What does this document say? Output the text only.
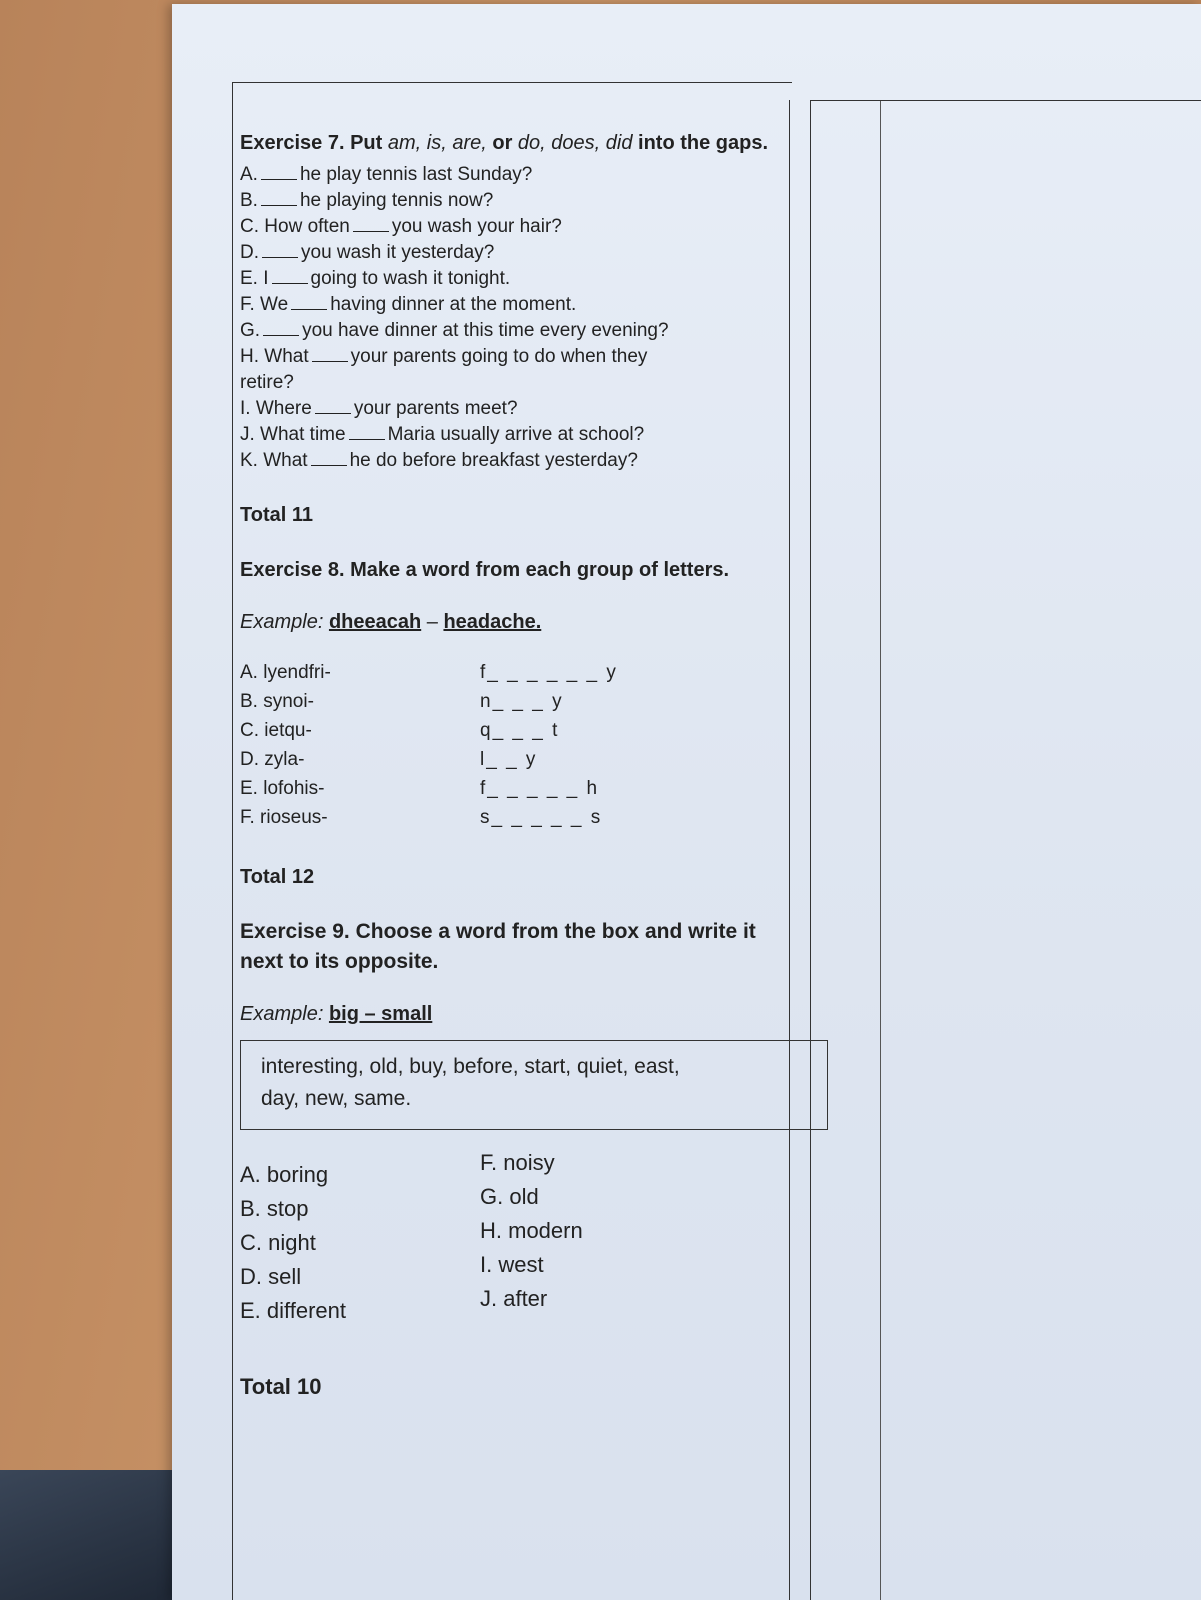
Exercise 7. Put am, is, are, or do, does, did into the gaps.

A. he play tennis last Sunday?
B. he playing tennis now?
C. How often you wash your hair?
D. you wash it yesterday?
E. I going to wash it tonight.
F. We having dinner at the moment.
G. you have dinner at this time every evening?
H. What your parents going to do when they
retire?
I. Where your parents meet?
J. What time Maria usually arrive at school?
K. What he do before breakfast yesterday?

Total 11

Exercise 8. Make a word from each group of letters.

Example: dheeacah – headache.
A. lyendfri-	f_ _ _ _ _ _ y
B. synoi-	n_ _ _ y
C. ietqu-	q_ _ _ t
D. zyla-	l_ _ y
E. lofohis-	f_ _ _ _ _ h
F. rioseus-	s_ _ _ _ _ s

Total 12

Exercise 9. Choose a word from the box and write it next to its opposite.

Example: big – small
interesting, old, buy, before, start, quiet, east,
day, new, same.
A. boring
B. stop
C. night
D. sell
E. different
F. noisy
G. old
H. modern
I. west
J. after

Total 10
